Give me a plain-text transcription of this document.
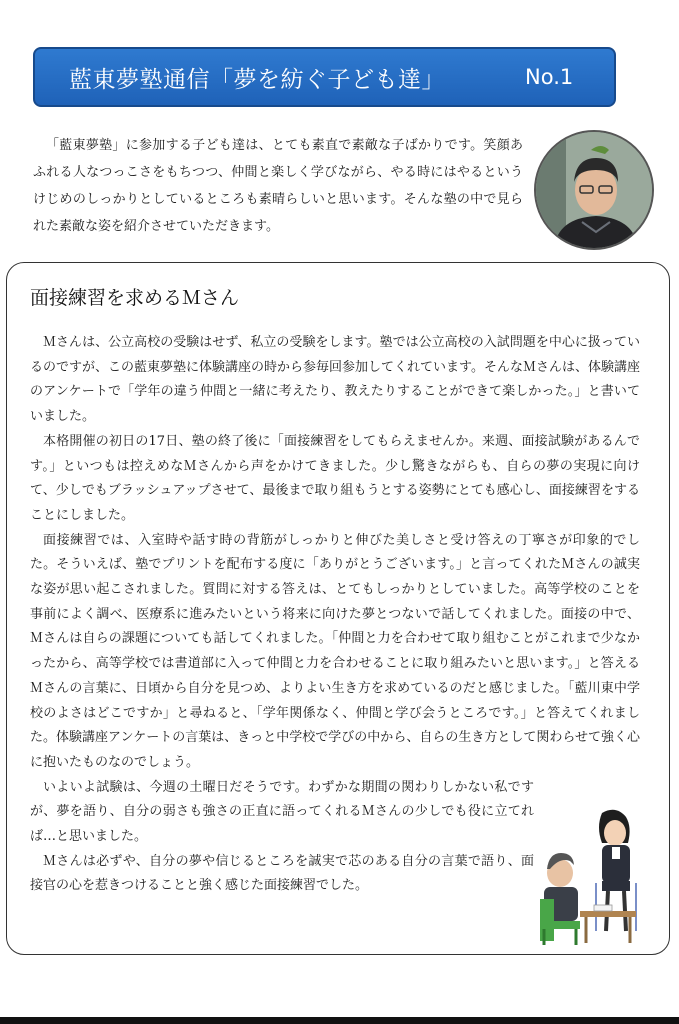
藍東夢塾通信「夢を紡ぐ子ども達」	No.1

「藍東夢塾」に参加する子ども達は、とても素直で素敵な子ばかりです。笑顔あふれる人なつっこさをもちつつ、仲間と楽しく学びながら、やる時にはやるというけじめのしっかりとしているところも素晴らしいと思います。そんな塾の中で見られた素敵な姿を紹介させていただきます。

面接練習を求めるＭさん

Ｍさんは、公立高校の受験はせず、私立の受験をします。塾では公立高校の入試問題を中心に扱っているのですが、この藍東夢塾に体験講座の時から参毎回参加してくれています。そんなＭさんは、体験講座のアンケートで「学年の違う仲間と一緒に考えたり、教えたりすることができて楽しかった。」と書いていました。

本格開催の初日の17日、塾の終了後に「面接練習をしてもらえませんか。来週、面接試験があるんです。」といつもは控えめなＭさんから声をかけてきました。少し驚きながらも、自らの夢の実現に向けて、少しでもブラッシュアップさせて、最後まで取り組もうとする姿勢にとても感心し、面接練習をすることにしました。

面接練習では、入室時や話す時の背筋がしっかりと伸びた美しさと受け答えの丁寧さが印象的でした。そういえば、塾でプリントを配布する度に「ありがとうございます。」と言ってくれたＭさんの誠実な姿が思い起こされました。質問に対する答えは、とてもしっかりとしていました。高等学校のことを事前によく調べ、医療系に進みたいという将来に向けた夢とつないで話してくれました。面接の中で、Ｍさんは自らの課題についても話してくれました。「仲間と力を合わせて取り組むことがこれまで少なかったから、高等学校では書道部に入って仲間と力を合わせることに取り組みたいと思います。」と答えるＭさんの言葉に、日頃から自分を見つめ、よりよい生き方を求めているのだと感じました。「藍川東中学校のよさはどこですか」と尋ねると、「学年関係なく、仲間と学び会うところです。」と答えてくれました。体験講座アンケートの言葉は、きっと中学校で学びの中から、自らの生き方として関わらせて強く心に抱いたものなのでしょう。

いよいよ試験は、今週の土曜日だそうです。わずかな期間の関わりしかない私ですが、夢を語り、自分の弱さも強さの正直に語ってくれるＭさんの少しでも役に立てれば…と思いました。

Ｍさんは必ずや、自分の夢や信じるところを誠実で芯のある自分の言葉で語り、面接官の心を惹きつけることと強く感じた面接練習でした。
